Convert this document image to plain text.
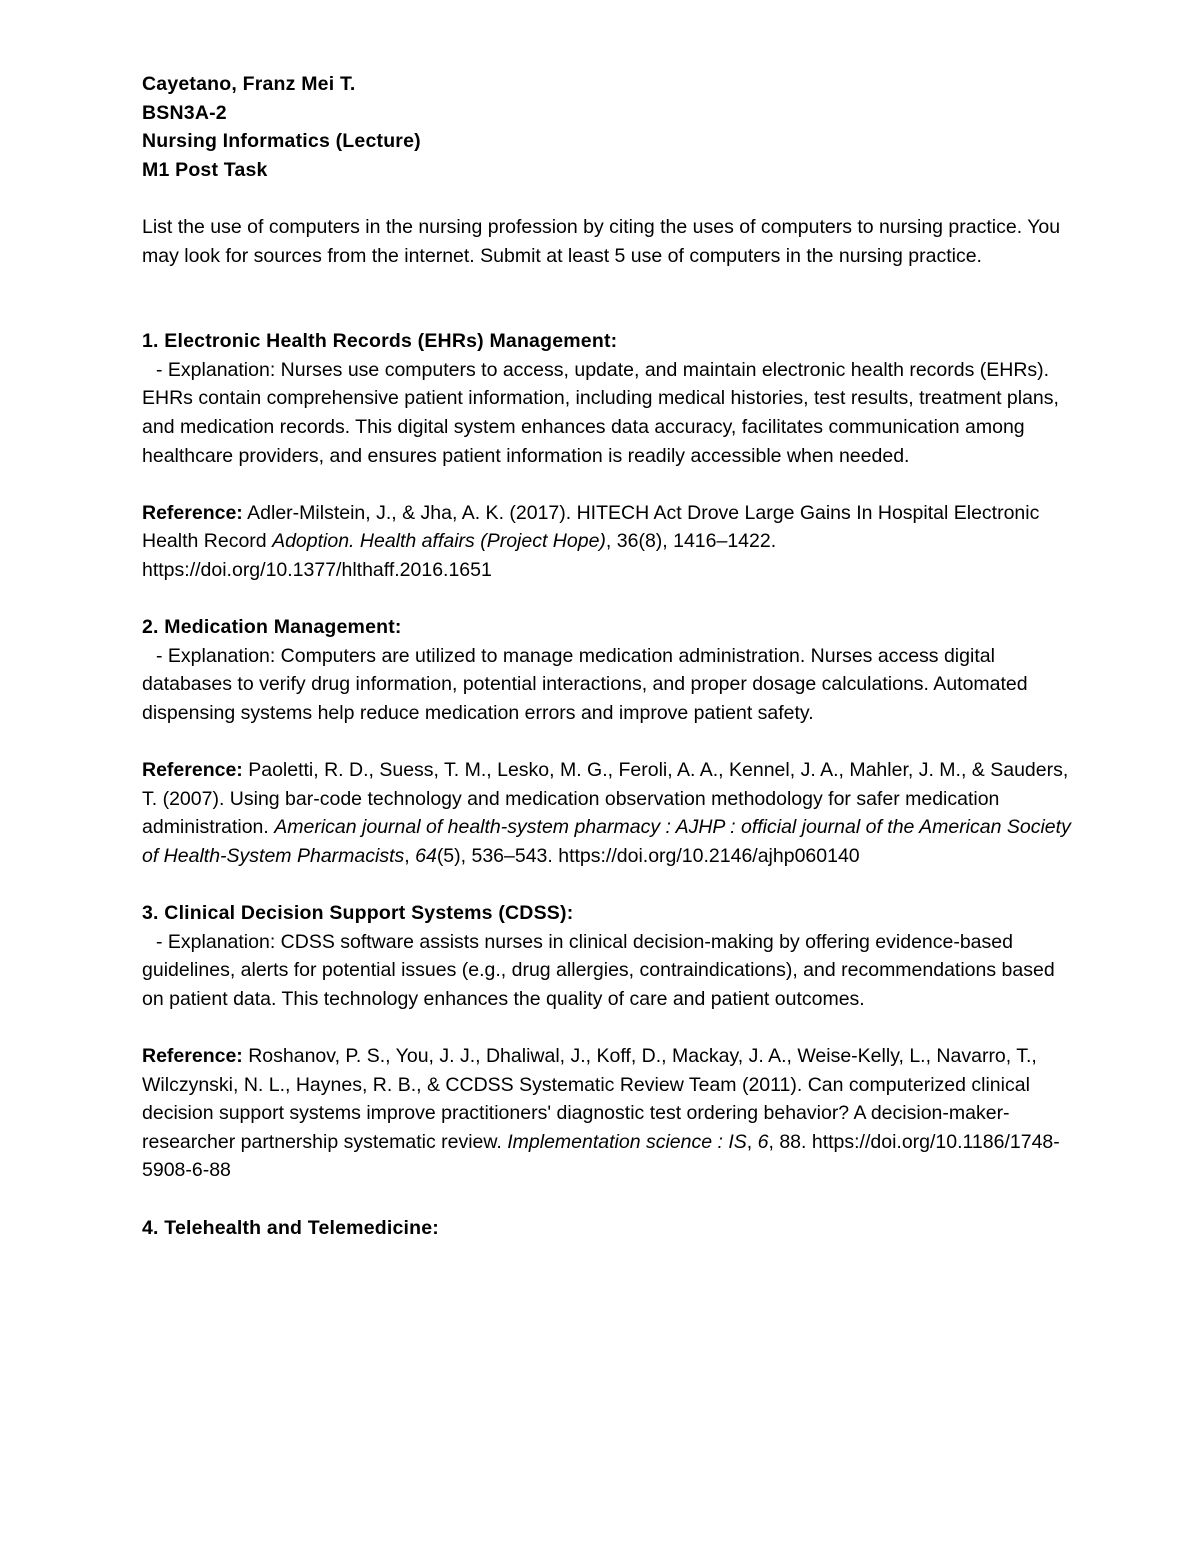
Cayetano, Franz Mei T.
BSN3A-2
Nursing Informatics (Lecture)
M1 Post Task

List the use of computers in the nursing profession by citing the uses of computers to nursing practice. You may look for sources from the internet. Submit at least 5 use of computers in the nursing practice.

1. Electronic Health Records (EHRs) Management:

- Explanation: Nurses use computers to access, update, and maintain electronic health records (EHRs). EHRs contain comprehensive patient information, including medical histories, test results, treatment plans, and medication records. This digital system enhances data accuracy, facilitates communication among healthcare providers, and ensures patient information is readily accessible when needed.

Reference: Adler-Milstein, J., & Jha, A. K. (2017). HITECH Act Drove Large Gains In Hospital Electronic Health Record Adoption. Health affairs (Project Hope), 36(8), 1416–1422. https://doi.org/10.1377/hlthaff.2016.1651

2. Medication Management:

- Explanation: Computers are utilized to manage medication administration. Nurses access digital databases to verify drug information, potential interactions, and proper dosage calculations. Automated dispensing systems help reduce medication errors and improve patient safety.

Reference: Paoletti, R. D., Suess, T. M., Lesko, M. G., Feroli, A. A., Kennel, J. A., Mahler, J. M., & Sauders, T. (2007). Using bar-code technology and medication observation methodology for safer medication administration. American journal of health-system pharmacy : AJHP : official journal of the American Society of Health-System Pharmacists, 64(5), 536–543. https://doi.org/10.2146/ajhp060140

3. Clinical Decision Support Systems (CDSS):

- Explanation: CDSS software assists nurses in clinical decision-making by offering evidence-based guidelines, alerts for potential issues (e.g., drug allergies, contraindications), and recommendations based on patient data. This technology enhances the quality of care and patient outcomes.

Reference: Roshanov, P. S., You, J. J., Dhaliwal, J., Koff, D., Mackay, J. A., Weise-Kelly, L., Navarro, T., Wilczynski, N. L., Haynes, R. B., & CCDSS Systematic Review Team (2011). Can computerized clinical decision support systems improve practitioners' diagnostic test ordering behavior? A decision-maker-researcher partnership systematic review. Implementation science : IS, 6, 88. https://doi.org/10.1186/1748-5908-6-88

4. Telehealth and Telemedicine:
